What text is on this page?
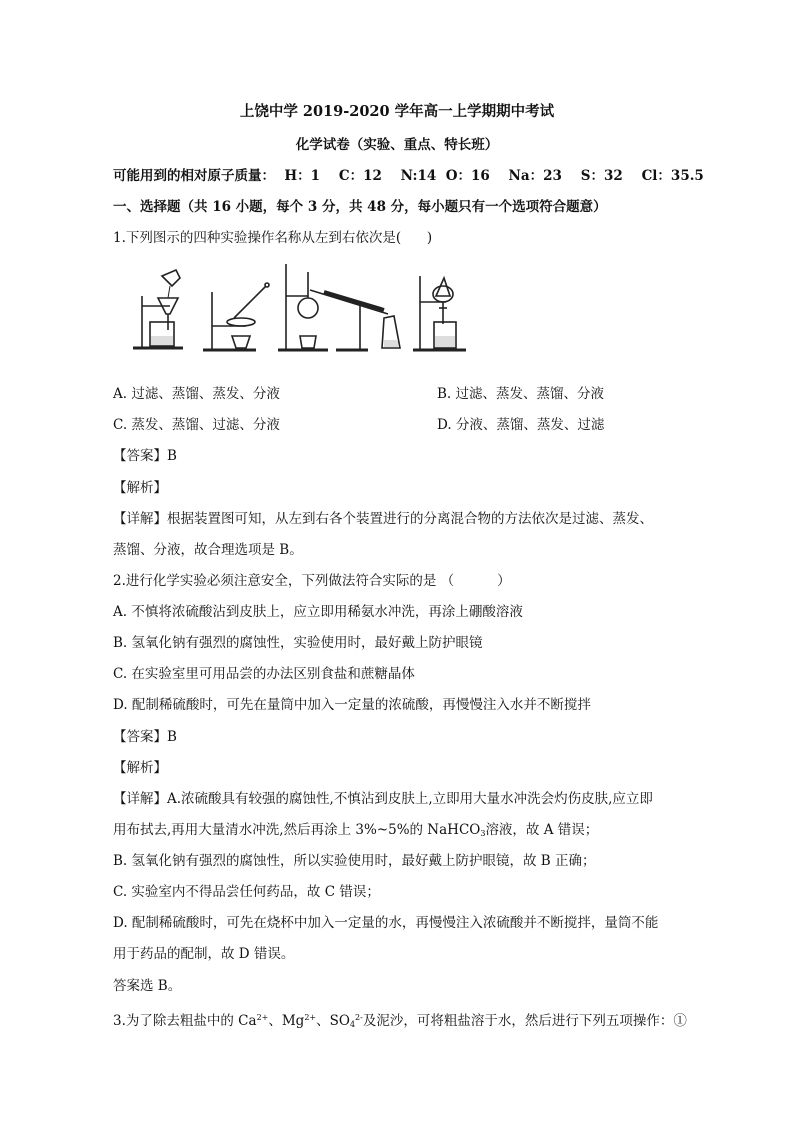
上饶中学 2019-2020 学年高一上学期期中考试
化学试卷（实验、重点、特长班）
可能用到的相对原子质量：  H：1    C：12    N:14  O：16    Na：23    S：32    Cl：35.5
一、选择题（共 16 小题，每个 3 分，共 48 分，每小题只有一个选项符合题意）
1.下列图示的四种实验操作名称从左到右依次是(      )
A. 过滤、蒸馏、蒸发、分液	B. 过滤、蒸发、蒸馏、分液
C. 蒸发、蒸馏、过滤、分液	D. 分液、蒸馏、蒸发、过滤
【答案】B
【解析】
【详解】根据装置图可知，从左到右各个装置进行的分离混合物的方法依次是过滤、蒸发、
蒸馏、分液，故合理选项是 B。
2.进行化学实验必须注意安全，下列做法符合实际的是 （          ）
A. 不慎将浓硫酸沾到皮肤上，应立即用稀氨水冲洗，再涂上硼酸溶液
B. 氢氧化钠有强烈的腐蚀性，实验使用时，最好戴上防护眼镜
C. 在实验室里可用品尝的办法区别食盐和蔗糖晶体
D. 配制稀硫酸时，可先在量筒中加入一定量的浓硫酸，再慢慢注入水并不断搅拌
【答案】B
【解析】
【详解】A.浓硫酸具有较强的腐蚀性,不慎沾到皮肤上,立即用大量水冲洗会灼伤皮肤,应立即
用布拭去,再用大量清水冲洗,然后再涂上 3%~5%的 NaHCO$_3$溶液，故 A 错误；
B. 氢氧化钠有强烈的腐蚀性，所以实验使用时，最好戴上防护眼镜，故 B 正确；
C. 实验室内不得品尝任何药品，故 C 错误；
D. 配制稀硫酸时，可先在烧杯中加入一定量的水，再慢慢注入浓硫酸并不断搅拌，量筒不能
用于药品的配制，故 D 错误。
答案选 B。
3.为了除去粗盐中的 $Ca^{2+}$、$Mg^{2+}$、$SO_4^{2-}$及泥沙，可将粗盐溶于水，然后进行下列五项操作：①
